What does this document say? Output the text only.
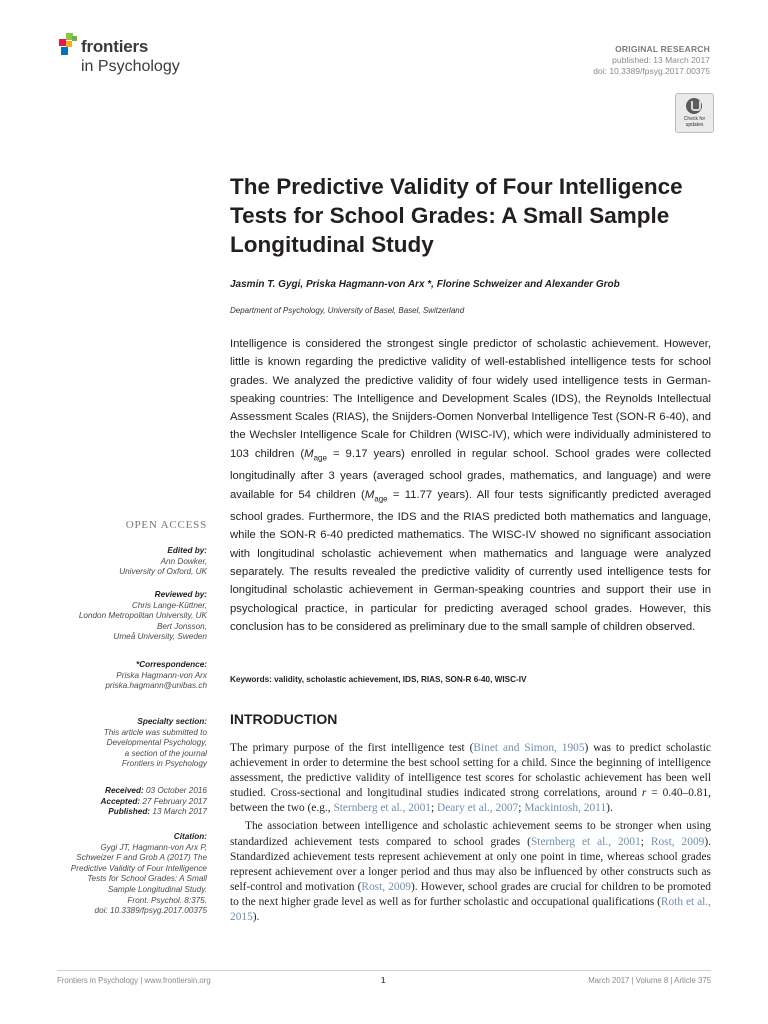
frontiers
in Psychology
ORIGINAL RESEARCH
published: 13 March 2017
doi: 10.3389/fpsyg.2017.00375
Check for
updates
The Predictive Validity of Four Intelligence Tests for School Grades: A Small Sample Longitudinal Study
Jasmin T. Gygi, Priska Hagmann-von Arx *, Florine Schweizer and Alexander Grob
Department of Psychology, University of Basel, Basel, Switzerland

Intelligence is considered the strongest single predictor of scholastic achievement. However, little is known regarding the predictive validity of well-established intelligence tests for school grades. We analyzed the predictive validity of four widely used intelligence tests in German-speaking countries: The Intelligence and Development Scales (IDS), the Reynolds Intellectual Assessment Scales (RIAS), the Snijders-Oomen Nonverbal Intelligence Test (SON-R 6-40), and the Wechsler Intelligence Scale for Children (WISC-IV), which were individually administered to 103 children ($M_{age} = 9.17$ years) enrolled in regular school. School grades were collected longitudinally after 3 years (averaged school grades, mathematics, and language) and were available for 54 children ($M_{age} = 11.77$ years). All four tests significantly predicted averaged school grades. Furthermore, the IDS and the RIAS predicted both mathematics and language, while the SON-R 6-40 predicted mathematics. The WISC-IV showed no significant association with longitudinal scholastic achievement when mathematics and language were analyzed separately. The results revealed the predictive validity of currently used intelligence tests for longitudinal scholastic achievement in German-speaking countries and support their use in psychological practice, in particular for predicting averaged school grades. However, this conclusion has to be considered as preliminary due to the small sample of children observed.

Keywords: validity, scholastic achievement, IDS, RIAS, SON-R 6-40, WISC-IV
INTRODUCTION

The primary purpose of the first intelligence test (Binet and Simon, 1905) was to predict scholastic achievement in order to determine the best school setting for a child. Since the beginning of intelligence assessment, the predictive validity of intelligence test scores for scholastic achievement has been well studied. Cross-sectional and longitudinal studies indicated strong correlations, around r = 0.40–0.81, between the two (e.g., Sternberg et al., 2001; Deary et al., 2007; Mackintosh, 2011).

The association between intelligence and scholastic achievement seems to be stronger when using standardized achievement tests compared to school grades (Sternberg et al., 2001; Rost, 2009). Standardized achievement tests represent achievement at only one point in time, whereas school grades represent achievement over a longer period and thus may also be influenced by other constructs such as self-control and motivation (Rost, 2009). However, school grades are crucial for children to be promoted to the next higher grade level as well as for further scholastic and occupational qualifications (Roth et al., 2015).

OPEN ACCESS
Edited by:
Ann Dowker,
University of Oxford, UK
Reviewed by:
Chris Lange-Küttner,
London Metropolitan University, UK
Bert Jonsson,
Umeå University, Sweden
*Correspondence:
Priska Hagmann-von Arx
priska.hagmann@unibas.ch
Specialty section:
This article was submitted to
Developmental Psychology,
a section of the journal
Frontiers in Psychology
Received: 03 October 2016
Accepted: 27 February 2017
Published: 13 March 2017
Citation:
Gygi JT, Hagmann-von Arx P,
Schweizer F and Grob A (2017) The
Predictive Validity of Four Intelligence
Tests for School Grades: A Small
Sample Longitudinal Study.
Front. Psychol. 8:375.
doi: 10.3389/fpsyg.2017.00375
Frontiers in Psychology | www.frontiersin.org	1	March 2017 | Volume 8 | Article 375
